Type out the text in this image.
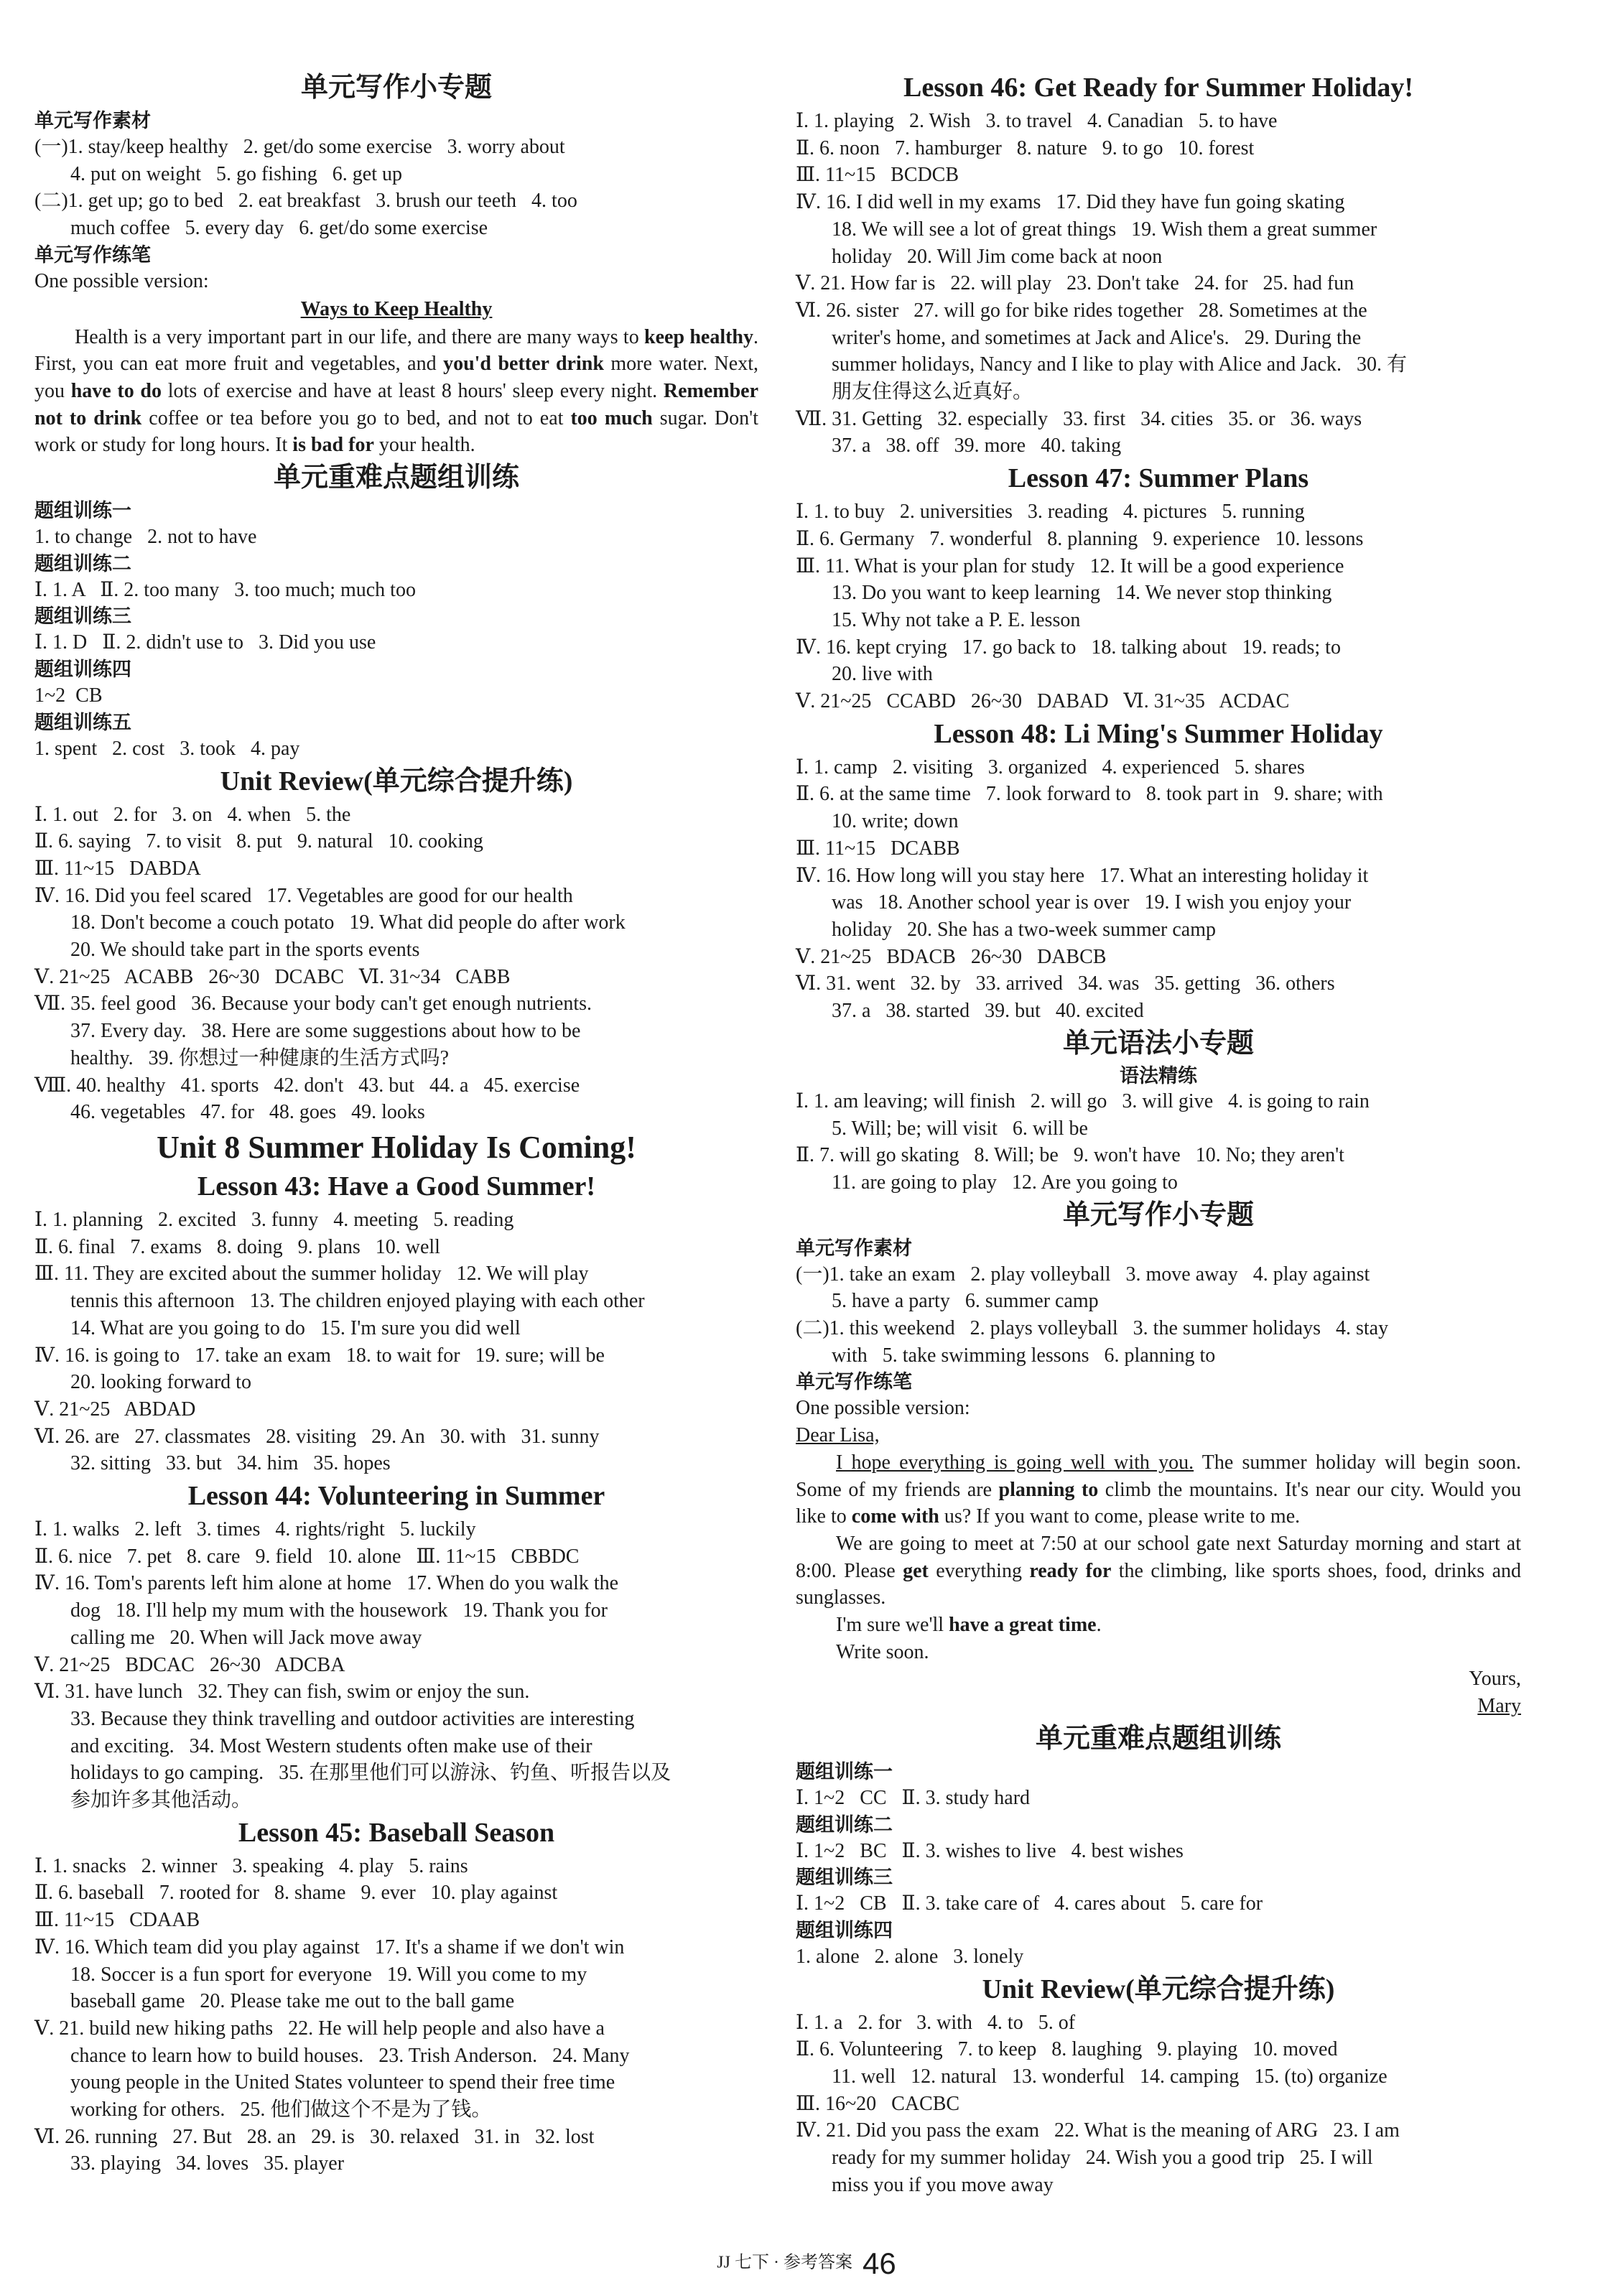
单元写作小专题
单元写作素材
(一)1. stay/keep healthy   2. get/do some exercise   3. worry about
4. put on weight   5. go fishing   6. get up
(二)1. get up; go to bed   2. eat breakfast   3. brush our teeth   4. too
much coffee   5. every day   6. get/do some exercise
单元写作练笔
One possible version:
Ways to Keep Healthy
Health is a very important part in our life, and there are many ways to keep healthy. First, you can eat more fruit and vegetables, and you'd better drink more water. Next, you have to do lots of exercise and have at least 8 hours' sleep every night. Remember not to drink coffee or tea before you go to bed, and not to eat too much sugar. Don't work or study for long hours. It is bad for your health.
单元重难点题组训练
题组训练一
1. to change   2. not to have
题组训练二
Ⅰ. 1. A   Ⅱ. 2. too many   3. too much; much too
题组训练三
Ⅰ. 1. D   Ⅱ. 2. didn't use to   3. Did you use
题组训练四
1~2  CB
题组训练五
1. spent   2. cost   3. took   4. pay
Unit Review(单元综合提升练)
Ⅰ. 1. out   2. for   3. on   4. when   5. the
Ⅱ. 6. saying   7. to visit   8. put   9. natural   10. cooking
Ⅲ. 11~15   DABDA
Ⅳ. 16. Did you feel scared   17. Vegetables are good for our health
18. Don't become a couch potato   19. What did people do after work
20. We should take part in the sports events
Ⅴ. 21~25   ACABB   26~30   DCABC   Ⅵ. 31~34   CABB
Ⅶ. 35. feel good   36. Because your body can't get enough nutrients.
37. Every day.   38. Here are some suggestions about how to be
healthy.   39. 你想过一种健康的生活方式吗?
Ⅷ. 40. healthy   41. sports   42. don't   43. but   44. a   45. exercise
46. vegetables   47. for   48. goes   49. looks
Unit 8 Summer Holiday Is Coming!
Lesson 43: Have a Good Summer!
Ⅰ. 1. planning   2. excited   3. funny   4. meeting   5. reading
Ⅱ. 6. final   7. exams   8. doing   9. plans   10. well
Ⅲ. 11. They are excited about the summer holiday   12. We will play
tennis this afternoon   13. The children enjoyed playing with each other
14. What are you going to do   15. I'm sure you did well
Ⅳ. 16. is going to   17. take an exam   18. to wait for   19. sure; will be
20. looking forward to
Ⅴ. 21~25   ABDAD
Ⅵ. 26. are   27. classmates   28. visiting   29. An   30. with   31. sunny
32. sitting   33. but   34. him   35. hopes
Lesson 44: Volunteering in Summer
Ⅰ. 1. walks   2. left   3. times   4. rights/right   5. luckily
Ⅱ. 6. nice   7. pet   8. care   9. field   10. alone   Ⅲ. 11~15   CBBDC
Ⅳ. 16. Tom's parents left him alone at home   17. When do you walk the
dog   18. I'll help my mum with the housework   19. Thank you for
calling me   20. When will Jack move away
Ⅴ. 21~25   BDCAC   26~30   ADCBA
Ⅵ. 31. have lunch   32. They can fish, swim or enjoy the sun.
33. Because they think travelling and outdoor activities are interesting
and exciting.   34. Most Western students often make use of their
holidays to go camping.   35. 在那里他们可以游泳、钓鱼、听报告以及
参加许多其他活动。
Lesson 45: Baseball Season
Ⅰ. 1. snacks   2. winner   3. speaking   4. play   5. rains
Ⅱ. 6. baseball   7. rooted for   8. shame   9. ever   10. play against
Ⅲ. 11~15   CDAAB
Ⅳ. 16. Which team did you play against   17. It's a shame if we don't win
18. Soccer is a fun sport for everyone   19. Will you come to my
baseball game   20. Please take me out to the ball game
Ⅴ. 21. build new hiking paths   22. He will help people and also have a
chance to learn how to build houses.   23. Trish Anderson.   24. Many
young people in the United States volunteer to spend their free time
working for others.   25. 他们做这个不是为了钱。
Ⅵ. 26. running   27. But   28. an   29. is   30. relaxed   31. in   32. lost
33. playing   34. loves   35. player
Lesson 46: Get Ready for Summer Holiday!
Ⅰ. 1. playing   2. Wish   3. to travel   4. Canadian   5. to have
Ⅱ. 6. noon   7. hamburger   8. nature   9. to go   10. forest
Ⅲ. 11~15   BCDCB
Ⅳ. 16. I did well in my exams   17. Did they have fun going skating
18. We will see a lot of great things   19. Wish them a great summer
holiday   20. Will Jim come back at noon
Ⅴ. 21. How far is   22. will play   23. Don't take   24. for   25. had fun
Ⅵ. 26. sister   27. will go for bike rides together   28. Sometimes at the
writer's home, and sometimes at Jack and Alice's.   29. During the
summer holidays, Nancy and I like to play with Alice and Jack.   30. 有
朋友住得这么近真好。
Ⅶ. 31. Getting   32. especially   33. first   34. cities   35. or   36. ways
37. a   38. off   39. more   40. taking
Lesson 47: Summer Plans
Ⅰ. 1. to buy   2. universities   3. reading   4. pictures   5. running
Ⅱ. 6. Germany   7. wonderful   8. planning   9. experience   10. lessons
Ⅲ. 11. What is your plan for study   12. It will be a good experience
13. Do you want to keep learning   14. We never stop thinking
15. Why not take a P. E. lesson
Ⅳ. 16. kept crying   17. go back to   18. talking about   19. reads; to
20. live with
Ⅴ. 21~25   CCABD   26~30   DABAD   Ⅵ. 31~35   ACDAC
Lesson 48: Li Ming's Summer Holiday
Ⅰ. 1. camp   2. visiting   3. organized   4. experienced   5. shares
Ⅱ. 6. at the same time   7. look forward to   8. took part in   9. share; with
10. write; down
Ⅲ. 11~15   DCABB
Ⅳ. 16. How long will you stay here   17. What an interesting holiday it
was   18. Another school year is over   19. I wish you enjoy your
holiday   20. She has a two-week summer camp
Ⅴ. 21~25   BDACB   26~30   DABCB
Ⅵ. 31. went   32. by   33. arrived   34. was   35. getting   36. others
37. a   38. started   39. but   40. excited
单元语法小专题
语法精练
Ⅰ. 1. am leaving; will finish   2. will go   3. will give   4. is going to rain
5. Will; be; will visit   6. will be
Ⅱ. 7. will go skating   8. Will; be   9. won't have   10. No; they aren't
11. are going to play   12. Are you going to
单元写作小专题
单元写作素材
(一)1. take an exam   2. play volleyball   3. move away   4. play against
5. have a party   6. summer camp
(二)1. this weekend   2. plays volleyball   3. the summer holidays   4. stay
with   5. take swimming lessons   6. planning to
单元写作练笔
One possible version:
Dear Lisa,
I hope everything is going well with you. The summer holiday will begin soon. Some of my friends are planning to climb the mountains. It's near our city. Would you like to come with us? If you want to come, please write to me.
We are going to meet at 7:50 at our school gate next Saturday morning and start at 8:00. Please get everything ready for the climbing, like sports shoes, food, drinks and sunglasses.
I'm sure we'll have a great time.
Write soon.
Yours,
Mary
单元重难点题组训练
题组训练一
Ⅰ. 1~2   CC   Ⅱ. 3. study hard
题组训练二
Ⅰ. 1~2   BC   Ⅱ. 3. wishes to live   4. best wishes
题组训练三
Ⅰ. 1~2   CB   Ⅱ. 3. take care of   4. cares about   5. care for
题组训练四
1. alone   2. alone   3. lonely
Unit Review(单元综合提升练)
Ⅰ. 1. a   2. for   3. with   4. to   5. of
Ⅱ. 6. Volunteering   7. to keep   8. laughing   9. playing   10. moved
11. well   12. natural   13. wonderful   14. camping   15. (to) organize
Ⅲ. 16~20   CACBC
Ⅳ. 21. Did you pass the exam   22. What is the meaning of ARG   23. I am
ready for my summer holiday   24. Wish you a good trip   25. I will
miss you if you move away
JJ 七下 · 参考答案 46
